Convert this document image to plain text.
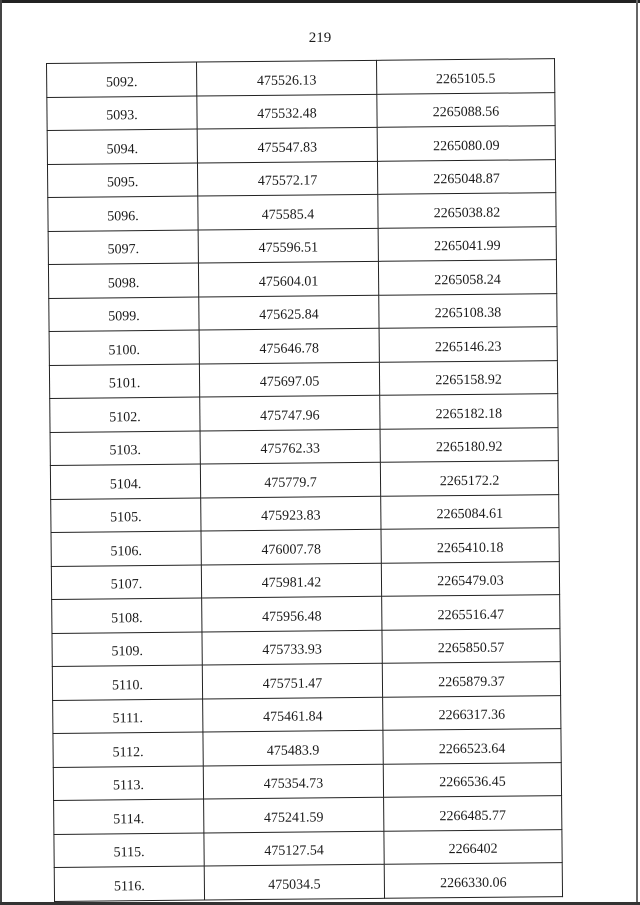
219
5092.	475526.13	2265105.5
5093.	475532.48	2265088.56
5094.	475547.83	2265080.09
5095.	475572.17	2265048.87
5096.	475585.4	2265038.82
5097.	475596.51	2265041.99
5098.	475604.01	2265058.24
5099.	475625.84	2265108.38
5100.	475646.78	2265146.23
5101.	475697.05	2265158.92
5102.	475747.96	2265182.18
5103.	475762.33	2265180.92
5104.	475779.7	2265172.2
5105.	475923.83	2265084.61
5106.	476007.78	2265410.18
5107.	475981.42	2265479.03
5108.	475956.48	2265516.47
5109.	475733.93	2265850.57
5110.	475751.47	2265879.37
5111.	475461.84	2266317.36
5112.	475483.9	2266523.64
5113.	475354.73	2266536.45
5114.	475241.59	2266485.77
5115.	475127.54	2266402
5116.	475034.5	2266330.06
